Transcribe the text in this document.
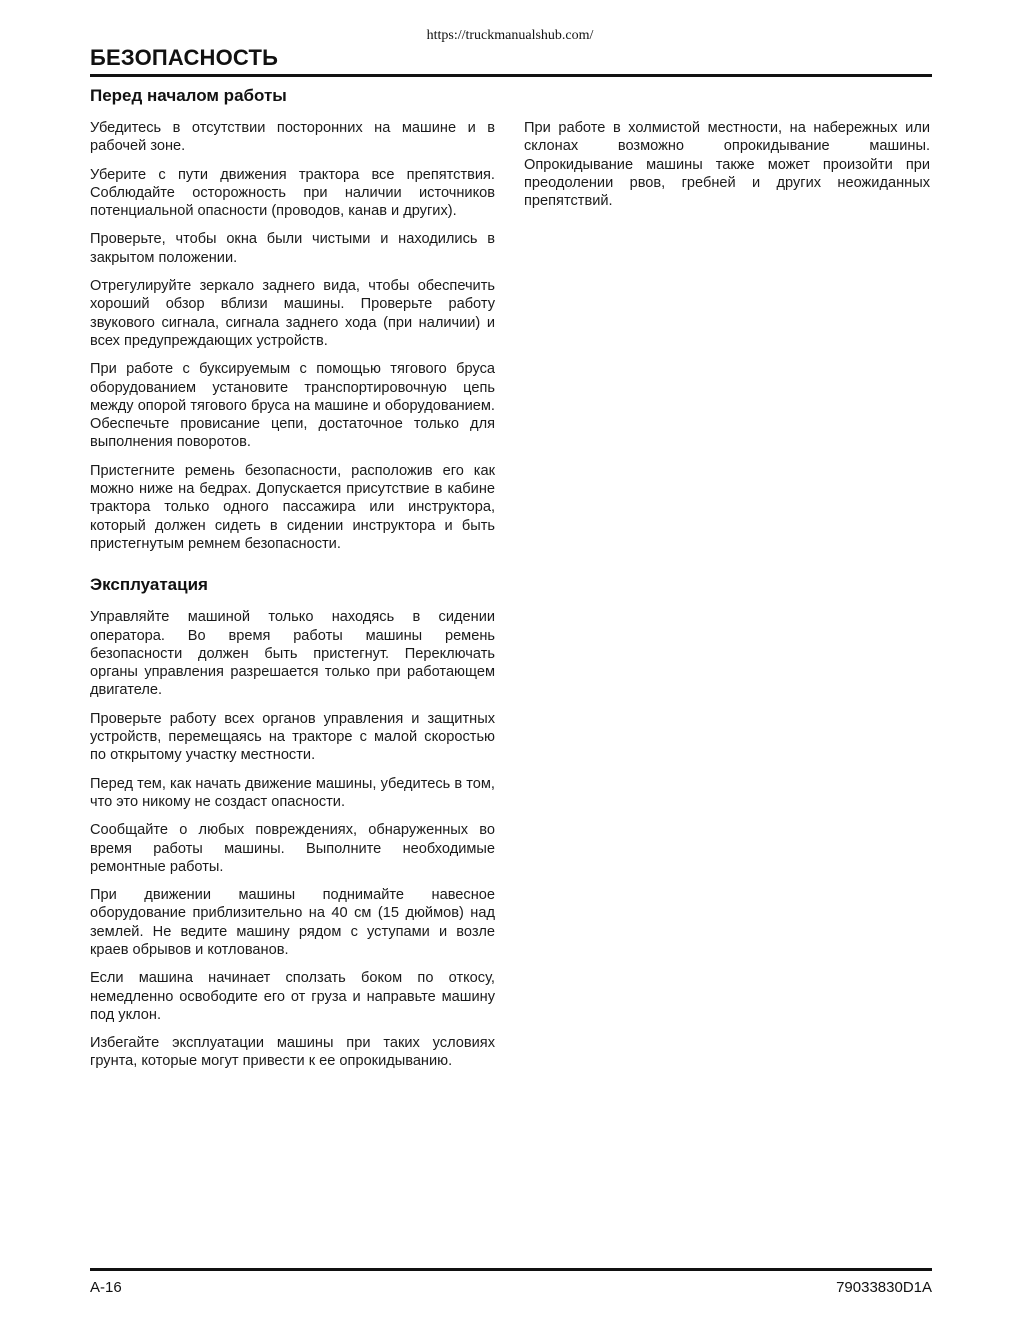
https://truckmanualshub.com/
БЕЗОПАСНОСТЬ
Перед началом работы

Убедитесь в отсутствии посторонних на машине и в рабочей зоне.

Уберите с пути движения трактора все препятствия. Соблюдайте осторожность при наличии источников потенциальной опасности (проводов, канав и других).

Проверьте, чтобы окна были чистыми и находились в закрытом положении.

Отрегулируйте зеркало заднего вида, чтобы обеспечить хороший обзор вблизи машины. Проверьте работу звукового сигнала, сигнала заднего хода (при наличии) и всех предупреждающих устройств.

При работе с буксируемым с помощью тягового бруса оборудованием установите транспортировочную цепь между опорой тягового бруса на машине и оборудованием. Обеспечьте провисание цепи, достаточное только для выполнения поворотов.

Пристегните ремень безопасности, расположив его как можно ниже на бедрах. Допускается присутствие в кабине трактора только одного пассажира или инструктора, который должен сидеть в сидении инструктора и быть пристегнутым ремнем безопасности.

Эксплуатация

Управляйте машиной только находясь в сидении оператора. Во время работы машины ремень безопасности должен быть пристегнут. Переключать органы управления разрешается только при работающем двигателе.

Проверьте работу всех органов управления и защитных устройств, перемещаясь на тракторе с малой скоростью по открытому участку местности.

Перед тем, как начать движение машины, убедитесь в том, что это никому не создаст опасности.

Сообщайте о любых повреждениях, обнаруженных во время работы машины. Выполните необходимые ремонтные работы.

При движении машины поднимайте навесное оборудование приблизительно на 40 см (15 дюймов) над землей. Не ведите машину рядом с уступами и возле краев обрывов и котлованов.

Если машина начинает сползать боком по откосу, немедленно освободите его от груза и направьте машину под уклон.

Избегайте эксплуатации машины при таких условиях грунта, которые могут привести к ее опрокидыванию.

При работе в холмистой местности, на набережных или склонах возможно опрокидывание машины. Опрокидывание машины также может произойти при преодолении рвов, гребней и других неожиданных препятствий.

A-16	79033830D1A
